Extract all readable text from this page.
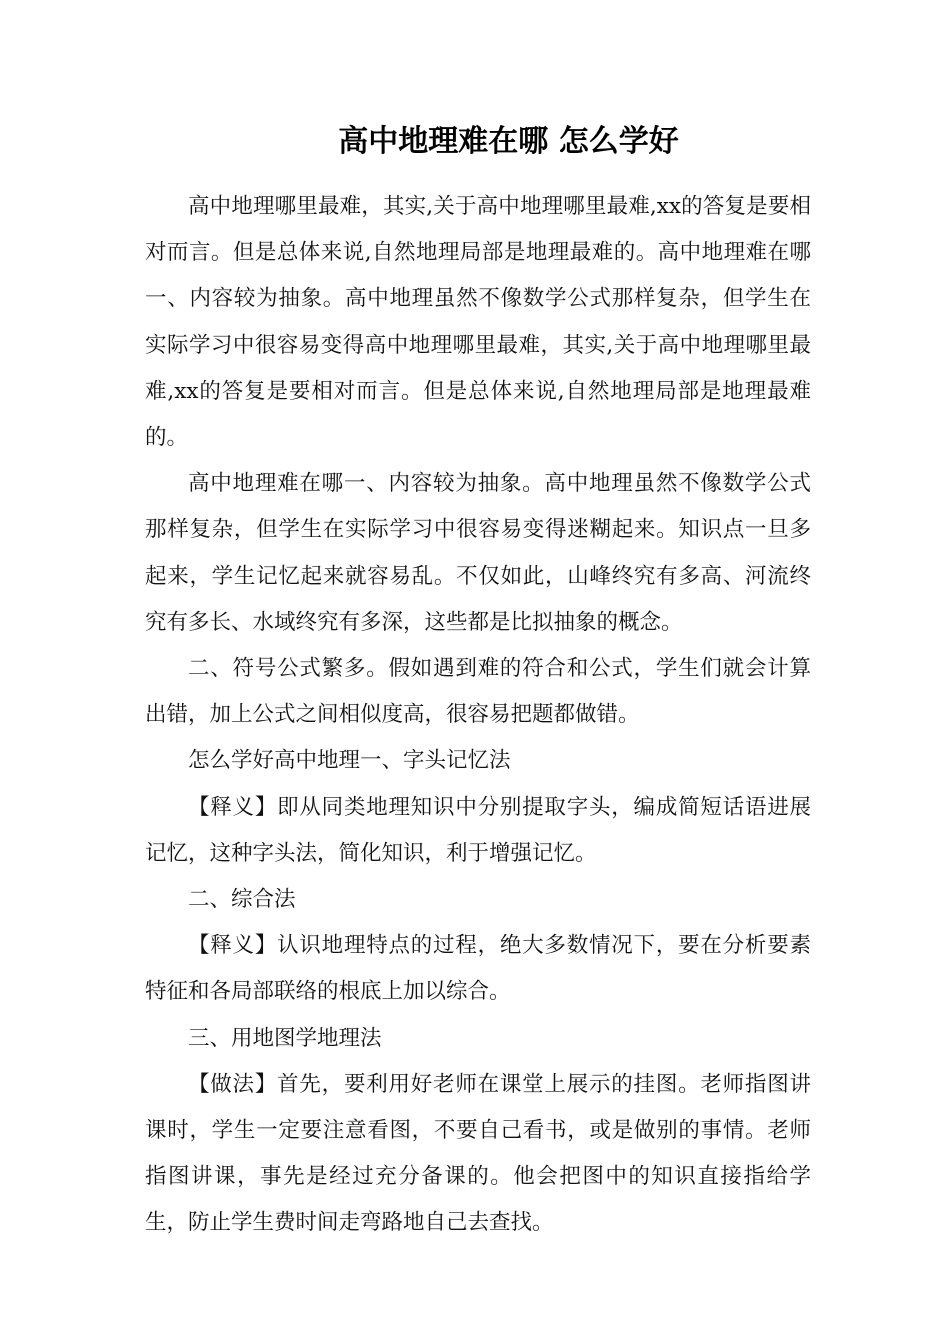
高中地理难在哪 怎么学好

高中地理哪里最难，其实,关于高中地理哪里最难,xx的答复是要相对而言。但是总体来说,自然地理局部是地理最难的。高中地理难在哪一、内容较为抽象。高中地理虽然不像数学公式那样复杂，但学生在实际学习中很容易变得高中地理哪里最难，其实,关于高中地理哪里最难,xx的答复是要相对而言。但是总体来说,自然地理局部是地理最难的。

高中地理难在哪一、内容较为抽象。高中地理虽然不像数学公式那样复杂，但学生在实际学习中很容易变得迷糊起来。知识点一旦多起来，学生记忆起来就容易乱。不仅如此，山峰终究有多高、河流终究有多长、水域终究有多深，这些都是比拟抽象的概念。

二、符号公式繁多。假如遇到难的符合和公式，学生们就会计算出错，加上公式之间相似度高，很容易把题都做错。

怎么学好高中地理一、字头记忆法

【释义】即从同类地理知识中分别提取字头，编成简短话语进展记忆，这种字头法，简化知识，利于增强记忆。

二、综合法

【释义】认识地理特点的过程，绝大多数情况下，要在分析要素特征和各局部联络的根底上加以综合。

三、用地图学地理法

【做法】首先，要利用好老师在课堂上展示的挂图。老师指图讲课时，学生一定要注意看图，不要自己看书，或是做别的事情。老师指图讲课，事先是经过充分备课的。他会把图中的知识直接指给学生，防止学生费时间走弯路地自己去查找。
